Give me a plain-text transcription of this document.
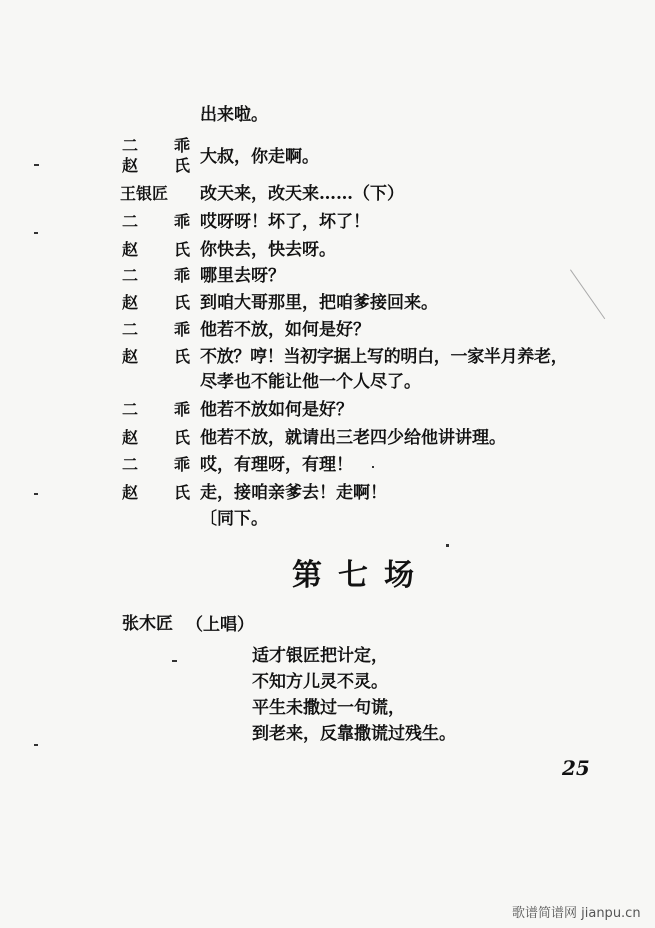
出来啦。
二　乖
赵　氏 大叔，你走啊。
王银匠 改天来，改天来……（下）
二　乖 哎呀呀！坏了，坏了！
赵　氏 你快去，快去呀。
二　乖 哪里去呀？
赵　氏 到咱大哥那里，把咱爹接回来。
二　乖 他若不放，如何是好？
赵　氏 不放？哼！当初字据上写的明白，一家半月养老，
尽孝也不能让他一个人尽了。
二　乖 他若不放如何是好？
赵　氏 他若不放，就请出三老四少给他讲讲理。
二　乖 哎，有理呀，有理！
赵　氏 走，接咱亲爹去！走啊！
〔同下。
第七场
张木匠 （上唱）
适才银匠把计定，
不知方儿灵不灵。
平生未撒过一句谎，
到老来，反靠撒谎过残生。
25
歌谱简谱网 jianpu.cn
